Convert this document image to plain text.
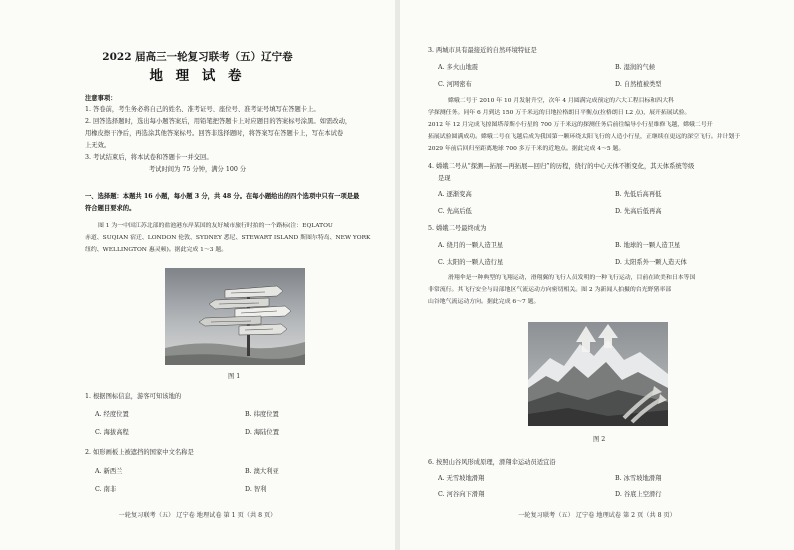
2022 届高三一轮复习联考（五）辽宁卷
地 理 试 卷
注意事项：
1. 答卷前，考生务必将自己的姓名、准考证号、座位号、准考证号填写在答题卡上。
2. 回答选择题时，选出每小题答案后，用铅笔把答题卡上对应题目的答案标号涂黑。如需改动，
用橡皮擦干净后，再选涂其他答案标号。回答非选择题时，将答案写在答题卡上，写在本试卷
上无效。
3. 考试结束后，将本试卷和答题卡一并交回。
考试时间为 75 分钟，满分 100 分
一、选择题：本题共 16 小题，每小题 3 分，共 48 分。在每小题给出的四个选项中只有一项是最
符合题目要求的。
图 1 为一中国江苏北部的盐池港东岸某国的友好城市旅行时拍的一个路标(注：EQLATOU
赤道、SUQIAN 宿迁、LONDON 伦敦、SYDNEY 悉尼、STEWART ISLAND 斯图尔特岛、NEW YORK
纽约、WELLINGTON 惠灵顿)。据此完成 1～3 题。
图 1
1. 根据图标信息，游客可知该地的
A. 经度位置	B. 纬度位置
C. 海拔高程	D. 海陆位置
2. 如形画板上被遮挡的国家中文名称是
A. 新西兰	B. 澳大利亚
C. 南非	D. 智利
一轮复习联考（五） 辽宁卷 地理试卷 第 1 页（共 8 页）
3. 两城市具有最接近的自然环境特征是
A. 多火山地震	B. 湿润的气候
C. 河网密布	D. 自然植被类型
嫦娥二号于 2010 年 10 月发射升空，次年 4 月圆满完成预定的六大工程目标和四大科
学探测任务。同年 6 月到达 150 万千米远的日地拉格朗日平衡点(拉格朗日 L2 点)，展开拓展试验。
2012 年 12 月完成飞掠图塔蒂斯小行星的 700 万千米远的探测任务后前往编导小行星维修飞越，嫦娥二号开
拓展试验圆满成功。嫦娥二号在飞越后成为我国第一颗环绕太阳飞行的人造小行星，正继续在更远的深空飞行。并计划于
2029 年前后回归至距离地球 700 多万千米的近地点。据此完成 4～5 题。
4. 嫦娥二号从“探测—拓展—再拓展—回归”的历程，绕行的中心天体不断变化，其天体系统等级
是现
A. 逐渐变高	B. 先低后高再低
C. 先高后低	D. 先高后低再高
5. 嫦娥二号最终成为
A. 绕月的一颗人造卫星	B. 地球的一颗人造卫星
C. 太阳的一颗人造行星	D. 太阳系外一颗人造天体
滑翔伞是一种典型的飞翔运动，滑翔翼的飞行人员发明的一种飞行运动，目前在欧美和日本等国
非常流行。其飞行安全与局部地区气流运动方向密切相关。图 2 为新闻人拍摄的台光野猪率部
山谷地气流运动方向。据此完成 6～7 题。
图 2
6. 按照山谷风形成原理，滑翔伞运动员适宜沿
A. 无雪坡地滑翔	B. 冰雪坡地滑翔
C. 河谷向下滑翔	D. 谷底上空滑行
一轮复习联考（五） 辽宁卷 地理试卷 第 2 页（共 8 页）
